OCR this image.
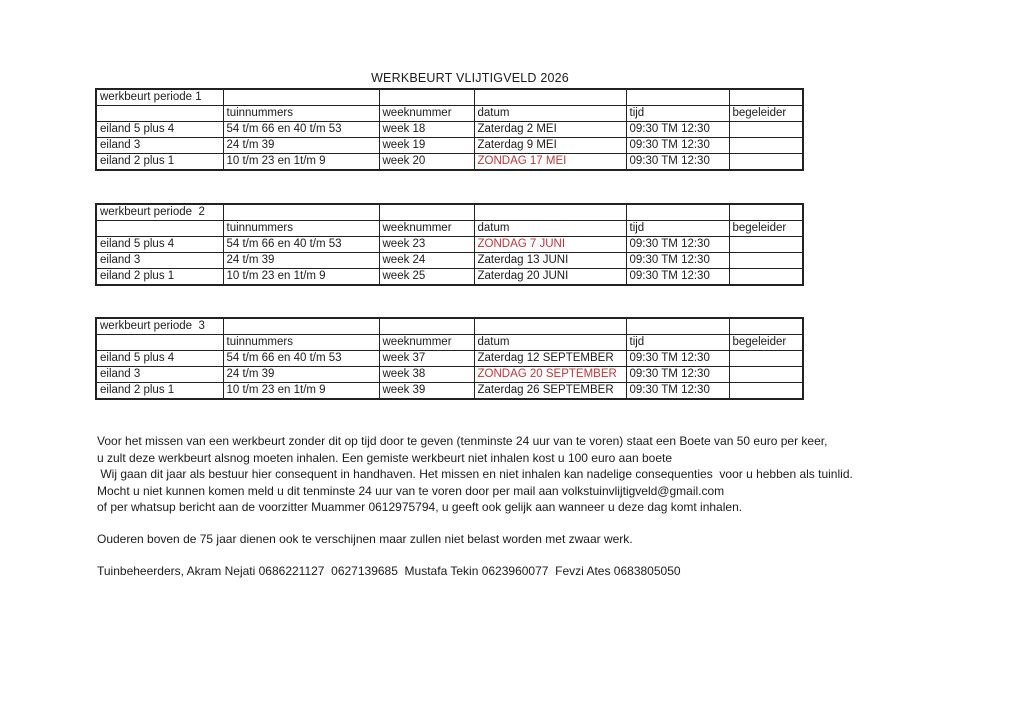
WERKBEURT VLIJTIGVELD 2026
werkbeurt periode 1					
	tuinnummers	weeknummer	datum	tijd	begeleider
eiland 5 plus 4	54 t/m 66 en 40 t/m 53	week 18	Zaterdag 2 MEI	09:30 TM 12:30	
eiland 3	24 t/m 39	week 19	Zaterdag 9 MEI	09:30 TM 12:30	
eiland 2 plus 1	10 t/m 23 en 1t/m 9	week 20	ZONDAG 17 MEI	09:30 TM 12:30	
werkbeurt periode  2					
	tuinnummers	weeknummer	datum	tijd	begeleider
eiland 5 plus 4	54 t/m 66 en 40 t/m 53	week 23	ZONDAG 7 JUNI	09:30 TM 12:30	
eiland 3	24 t/m 39	week 24	Zaterdag 13 JUNI	09:30 TM 12:30	
eiland 2 plus 1	10 t/m 23 en 1t/m 9	week 25	Zaterdag 20 JUNI	09:30 TM 12:30	
werkbeurt periode  3					
	tuinnummers	weeknummer	datum	tijd	begeleider
eiland 5 plus 4	54 t/m 66 en 40 t/m 53	week 37	Zaterdag 12 SEPTEMBER	09:30 TM 12:30	
eiland 3	24 t/m 39	week 38	ZONDAG 20 SEPTEMBER	09:30 TM 12:30	
eiland 2 plus 1	10 t/m 23 en 1t/m 9	week 39	Zaterdag 26 SEPTEMBER	09:30 TM 12:30	
Voor het missen van een werkbeurt zonder dit op tijd door te geven (tenminste 24 uur van te voren) staat een Boete van 50 euro per keer,
u zult deze werkbeurt alsnog moeten inhalen. Een gemiste werkbeurt niet inhalen kost u 100 euro aan boete
Wij gaan dit jaar als bestuur hier consequent in handhaven. Het missen en niet inhalen kan nadelige consequenties  voor u hebben als tuinlid.
Mocht u niet kunnen komen meld u dit tenminste 24 uur van te voren door per mail aan volkstuinvlijtigveld@gmail.com
of per whatsup bericht aan de voorzitter Muammer 0612975794, u geeft ook gelijk aan wanneer u deze dag komt inhalen.
Ouderen boven de 75 jaar dienen ook te verschijnen maar zullen niet belast worden met zwaar werk.
Tuinbeheerders, Akram Nejati 0686221127  0627139685  Mustafa Tekin 0623960077  Fevzi Ates 0683805050
